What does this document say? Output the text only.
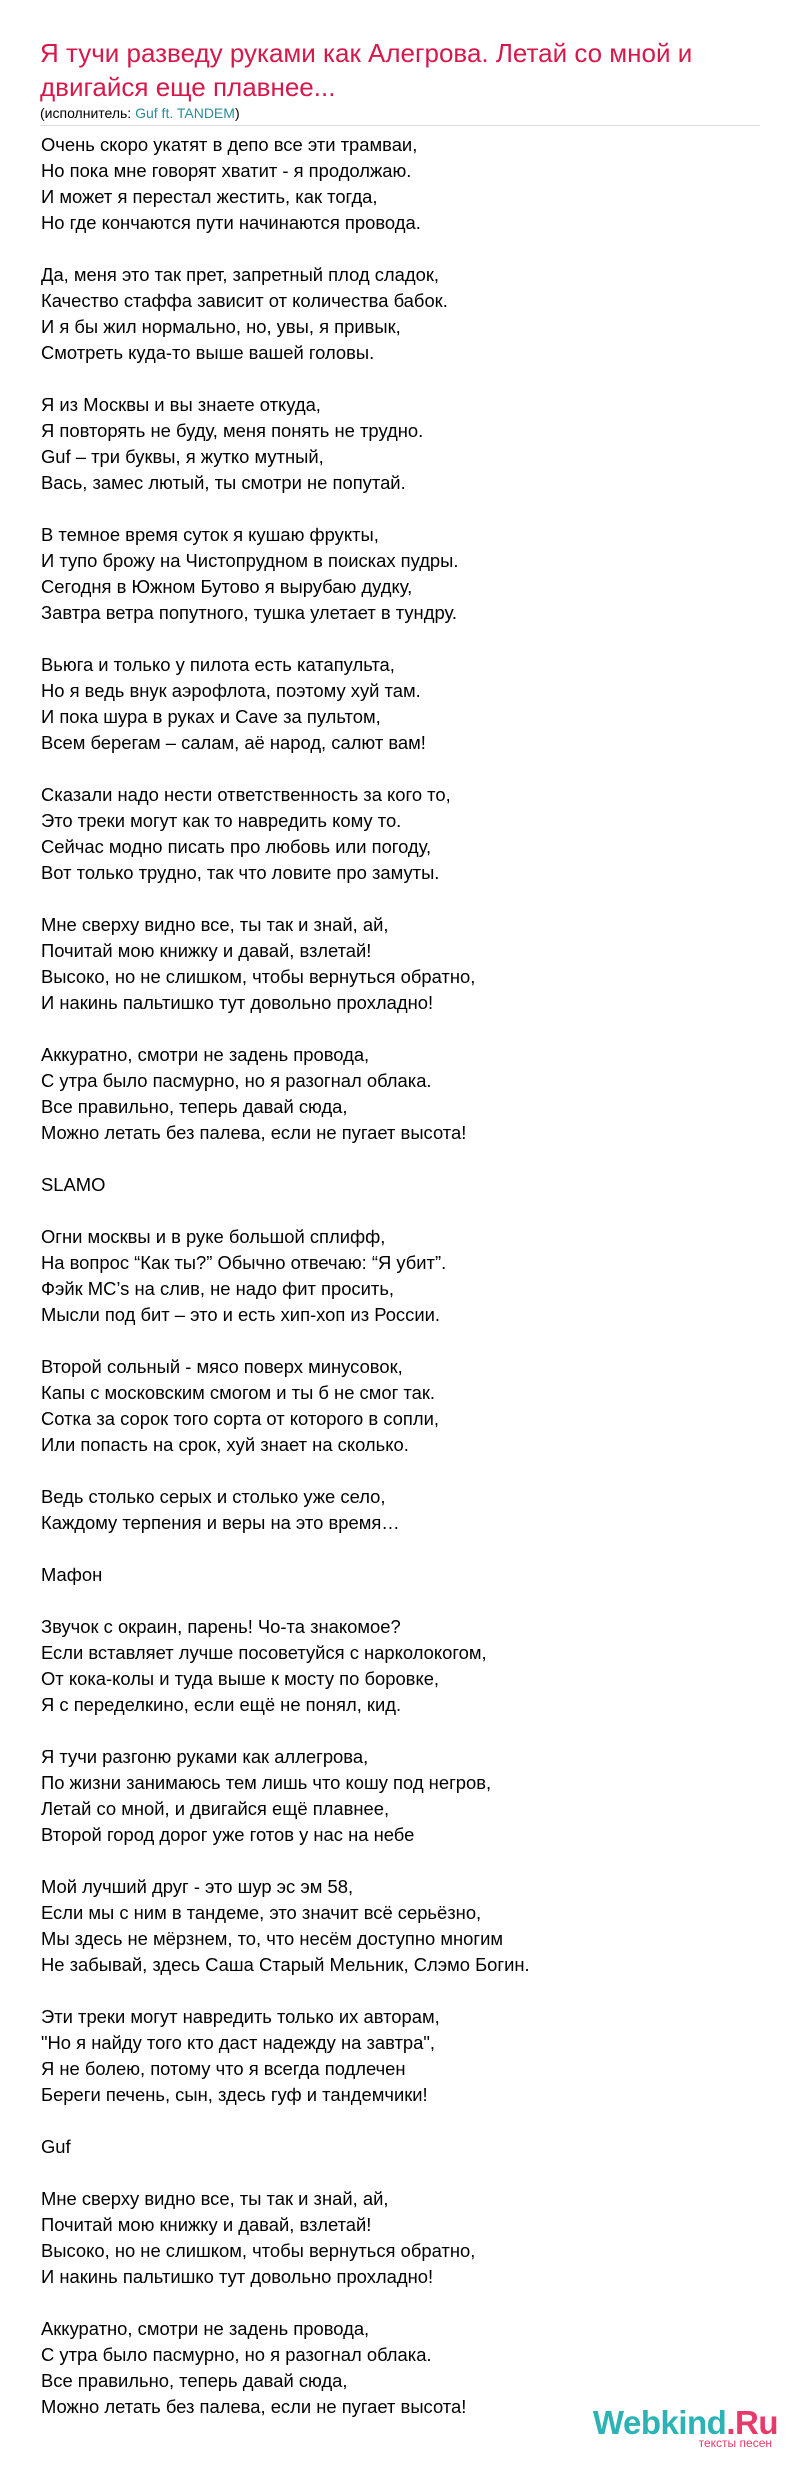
Я тучи разведу руками как Алегрова. Летай со мной и двигайся еще плавнее...
(исполнитель: Guf ft. TANDEM)
Очень скоро укатят в депо все эти трамваи,
Но пока мне говорят хватит - я продолжаю.
И может я перестал жестить, как тогда,
Но где кончаются пути начинаются провода.
Да, меня это так прет, запретный плод сладок,
Качество стаффа зависит от количества бабок.
И я бы жил нормально, но, увы, я привык,
Смотреть куда-то выше вашей головы.
Я из Москвы и вы знаете откуда,
Я повторять не буду, меня понять не трудно.
Guf – три буквы, я жутко мутный,
Вась, замес лютый, ты смотри не попутай.
В темное время суток я кушаю фрукты,
И тупо брожу на Чистопрудном в поисках пудры.
Сегодня в Южном Бутово я вырубаю дудку,
Завтра ветра попутного, тушка улетает в тундру.
Вьюга и только у пилота есть катапульта,
Но я ведь внук аэрофлота, поэтому хуй там.
И пока шура в руках и Cave за пультом,
Всем берегам – салам, аё народ, салют вам!
Сказали надо нести ответственность за кого то,
Это треки могут как то навредить кому то.
Сейчас модно писать про любовь или погоду,
Вот только трудно, так что ловите про замуты.
Мне сверху видно все, ты так и знай, ай,
Почитай мою книжку и давай, взлетай!
Высоко, но не слишком, чтобы вернуться обратно,
И накинь пальтишко тут довольно прохладно!
Аккуратно, смотри не задень провода,
С утра было пасмурно, но я разогнал облака.
Все правильно, теперь давай сюда,
Можно летать без палева, если не пугает высота!
SLAMO
Огни москвы и в руке большой сплифф,
На вопрос “Как ты?” Обычно отвечаю: “Я убит”.
Фэйк MC’s на слив, не надо фит просить,
Мысли под бит – это и есть хип-хоп из России.
Второй сольный - мясо поверх минусовок,
Капы с московским смогом и ты б не смог так.
Сотка за сорок того сорта от которого в сопли,
Или попасть на срок, хуй знает на сколько.
Ведь столько серых и столько уже село,
Каждому терпения и веры на это время…
Мафон
Звучок с окраин, парень! Чо-та знакомое?
Если вставляет лучше посоветуйся с нарколокогом,
От кока-колы и туда выше к мосту по боровке,
Я с переделкино, если ещё не понял, кид.
Я тучи разгоню руками как аллегрова,
По жизни занимаюсь тем лишь что кошу под негров,
Летай со мной, и двигайся ещё плавнее,
Второй город дорог уже готов у нас на небе
Мой лучший друг - это шур эс эм 58,
Если мы с ним в тандеме, это значит всё серьёзно,
Мы здесь не мёрзнем, то, что несём доступно многим
Не забывай, здесь Саша Старый Мельник, Слэмо Богин.
Эти треки могут навредить только их авторам,
"Но я найду того кто даст надежду на завтра",
Я не болею, потому что я всегда подлечен
Береги печень, сын, здесь гуф и тандемчики!
Guf
Мне сверху видно все, ты так и знай, ай,
Почитай мою книжку и давай, взлетай!
Высоко, но не слишком, чтобы вернуться обратно,
И накинь пальтишко тут довольно прохладно!
Аккуратно, смотри не задень провода,
С утра было пасмурно, но я разогнал облака.
Все правильно, теперь давай сюда,
Можно летать без палева, если не пугает высота!	Webkind.Ru
тексты песен
